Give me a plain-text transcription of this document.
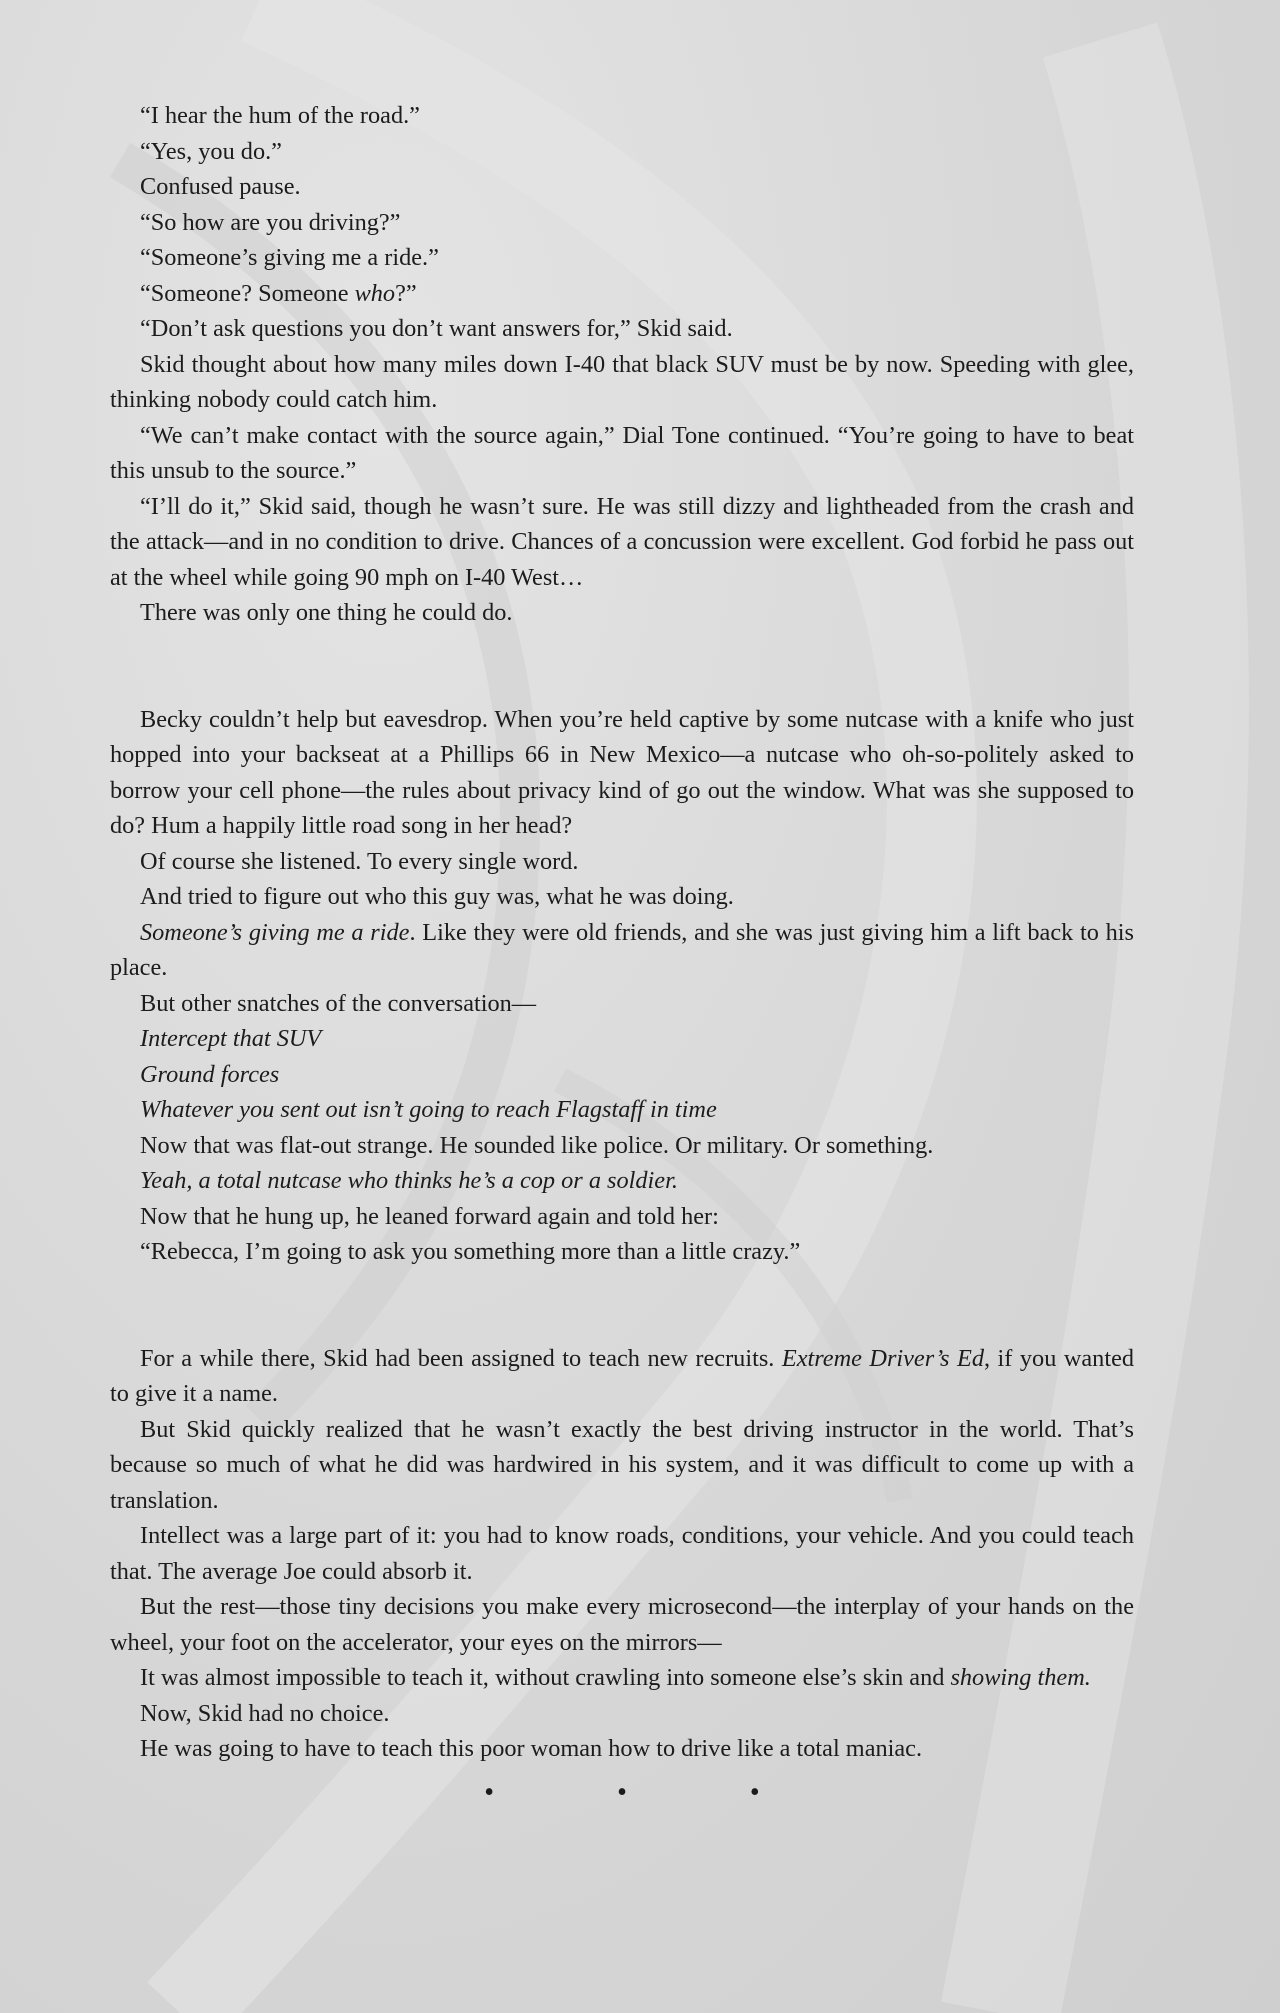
“I hear the hum of the road.”

“Yes, you do.”

Confused pause.

“So how are you driving?”

“Someone’s giving me a ride.”

“Someone? Someone who?”

“Don’t ask questions you don’t want answers for,” Skid said.

Skid thought about how many miles down I-40 that black SUV must be by now. Speeding with glee, thinking nobody could catch him.

“We can’t make contact with the source again,” Dial Tone continued. “You’re going to have to beat this unsub to the source.”

“I’ll do it,” Skid said, though he wasn’t sure. He was still dizzy and lightheaded from the crash and the attack—and in no condition to drive. Chances of a concussion were excellent. God forbid he pass out at the wheel while going 90 mph on I-40 West…

There was only one thing he could do.

Becky couldn’t help but eavesdrop. When you’re held captive by some nutcase with a knife who just hopped into your backseat at a Phillips 66 in New Mexico—a nutcase who oh-so-politely asked to borrow your cell phone—the rules about privacy kind of go out the window. What was she supposed to do? Hum a happily little road song in her head?

Of course she listened. To every single word.

And tried to figure out who this guy was, what he was doing.

Someone’s giving me a ride. Like they were old friends, and she was just giving him a lift back to his place.

But other snatches of the conversation—

Intercept that SUV

Ground forces

Whatever you sent out isn’t going to reach Flagstaff in time

Now that was flat-out strange. He sounded like police. Or military. Or something.

Yeah, a total nutcase who thinks he’s a cop or a soldier.

Now that he hung up, he leaned forward again and told her:

“Rebecca, I’m going to ask you something more than a little crazy.”

For a while there, Skid had been assigned to teach new recruits. Extreme Driver’s Ed, if you wanted to give it a name.

But Skid quickly realized that he wasn’t exactly the best driving instructor in the world. That’s because so much of what he did was hardwired in his system, and it was difficult to come up with a translation.

Intellect was a large part of it: you had to know roads, conditions, your vehicle. And you could teach that. The average Joe could absorb it.

But the rest—those tiny decisions you make every microsecond—the interplay of your hands on the wheel, your foot on the accelerator, your eyes on the mirrors—

It was almost impossible to teach it, without crawling into someone else’s skin and showing them.

Now, Skid had no choice.

He was going to have to teach this poor woman how to drive like a total maniac.

• • •
